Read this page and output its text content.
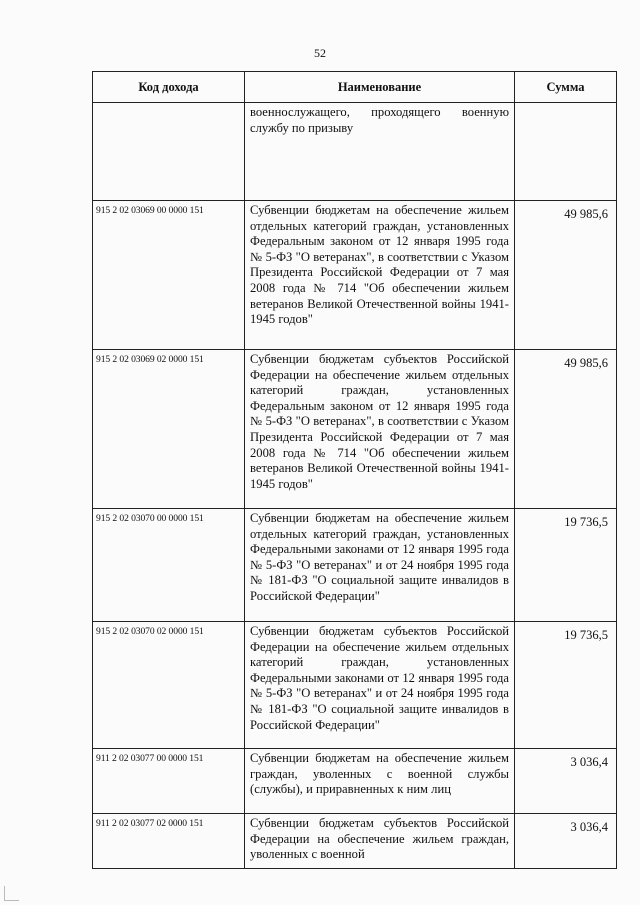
52
Код дохода	Наименование	Сумма
	военнослужащего, проходящего военную службу по призыву	
915 2 02 03069 00 0000 151	Субвенции бюджетам на обеспечение жильем отдельных категорий граждан, установленных Федеральным законом от 12 января 1995 года № 5-ФЗ "О ветеранах", в соответствии с Указом Президента Российской Федерации от 7 мая 2008 года № 714 "Об обеспечении жильем ветеранов Великой Отечественной войны 1941-1945 годов"	49 985,6
915 2 02 03069 02 0000 151	Субвенции бюджетам субъектов Российской Федерации на обеспечение жильем отдельных категорий граждан, установленных Федеральным законом от 12 января 1995 года № 5-ФЗ "О ветеранах", в соответствии с Указом Президента Российской Федерации от 7 мая 2008 года № 714 "Об обеспечении жильем ветеранов Великой Отечественной войны 1941-1945 годов"	49 985,6
915 2 02 03070 00 0000 151	Субвенции бюджетам на обеспечение жильем отдельных категорий граждан, установленных Федеральными законами от 12 января 1995 года № 5-ФЗ "О ветеранах" и от 24 ноября 1995 года № 181-ФЗ "О социальной защите инвалидов в Российской Федерации"	19 736,5
915 2 02 03070 02 0000 151	Субвенции бюджетам субъектов Российской Федерации на обеспечение жильем отдельных категорий граждан, установленных Федеральными законами от 12 января 1995 года № 5-ФЗ "О ветеранах" и от 24 ноября 1995 года № 181-ФЗ "О социальной защите инвалидов в Российской Федерации"	19 736,5
911 2 02 03077 00 0000 151	Субвенции бюджетам на обеспечение жильем граждан, уволенных с военной службы (службы), и приравненных к ним лиц	3 036,4
911 2 02 03077 02 0000 151	Субвенции бюджетам субъектов Российской Федерации на обеспечение жильем граждан, уволенных с военной	3 036,4
